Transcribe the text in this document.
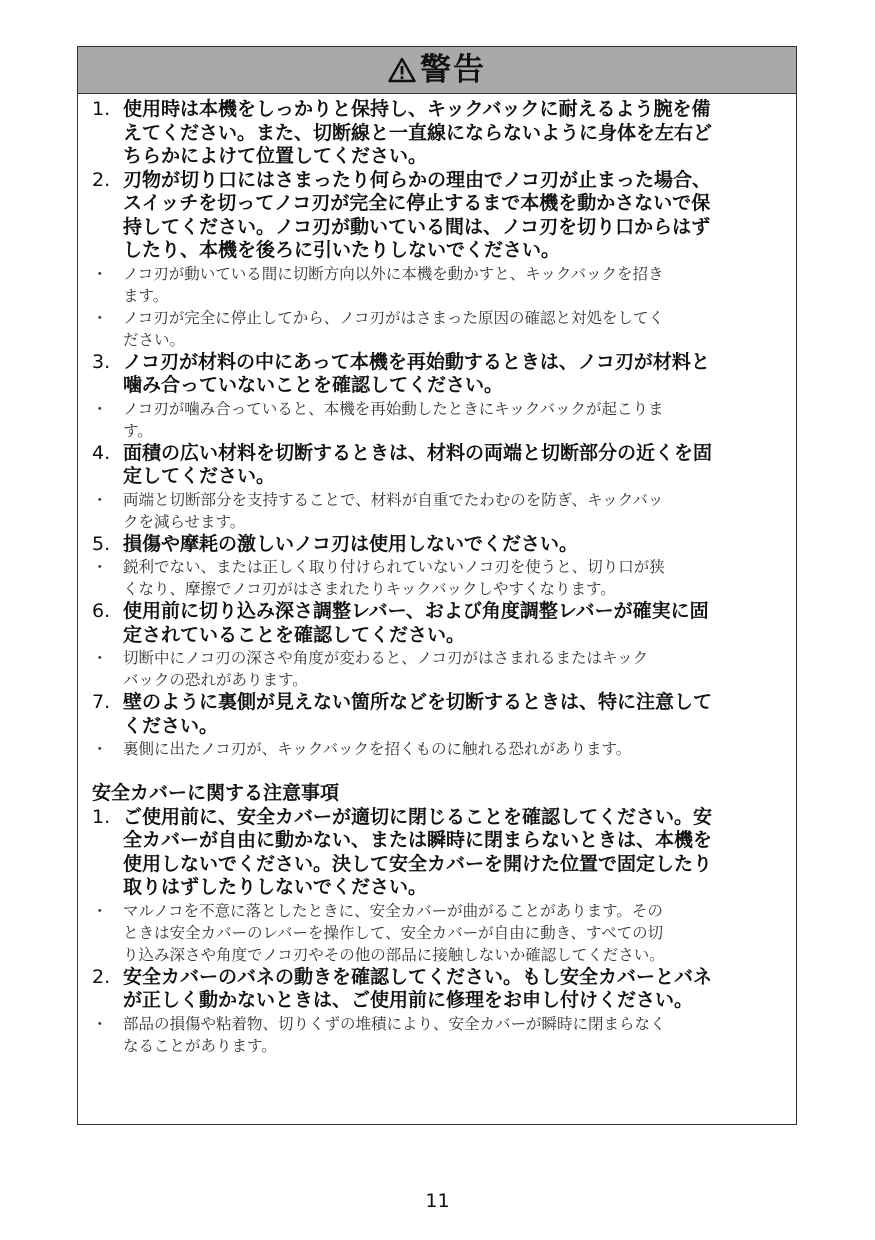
警告
1. 使用時は本機をしっかりと保持し、キックバックに耐えるよう腕を備
えてください。また、切断線と一直線にならないように身体を左右ど
ちらかによけて位置してください。
2. 刃物が切り口にはさまったり何らかの理由でノコ刃が止まった場合、
スイッチを切ってノコ刃が完全に停止するまで本機を動かさないで保
持してください。ノコ刃が動いている間は、ノコ刃を切り口からはず
したり、本機を後ろに引いたりしないでください。
・ ノコ刃が動いている間に切断方向以外に本機を動かすと、キックバックを招き
ます。
・ ノコ刃が完全に停止してから、ノコ刃がはさまった原因の確認と対処をしてく
ださい。
3. ノコ刃が材料の中にあって本機を再始動するときは、ノコ刃が材料と
噛み合っていないことを確認してください。
・ ノコ刃が噛み合っていると、本機を再始動したときにキックバックが起こりま
す。
4. 面積の広い材料を切断するときは、材料の両端と切断部分の近くを固
定してください。
・ 両端と切断部分を支持することで、材料が自重でたわむのを防ぎ、キックバッ
クを減らせます。
5. 損傷や摩耗の激しいノコ刃は使用しないでください。
・ 鋭利でない、または正しく取り付けられていないノコ刃を使うと、切り口が狭
くなり、摩擦でノコ刃がはさまれたりキックバックしやすくなります。
6. 使用前に切り込み深さ調整レバー、および角度調整レバーが確実に固
定されていることを確認してください。
・ 切断中にノコ刃の深さや角度が変わると、ノコ刃がはさまれるまたはキック
バックの恐れがあります。
7. 壁のように裏側が見えない箇所などを切断するときは、特に注意して
ください。
・ 裏側に出たノコ刃が、キックバックを招くものに触れる恐れがあります。
安全カバーに関する注意事項
1. ご使用前に、安全カバーが適切に閉じることを確認してください。安
全カバーが自由に動かない、または瞬時に閉まらないときは、本機を
使用しないでください。決して安全カバーを開けた位置で固定したり
取りはずしたりしないでください。
・ マルノコを不意に落としたときに、安全カバーが曲がることがあります。その
ときは安全カバーのレバーを操作して、安全カバーが自由に動き、すべての切
り込み深さや角度でノコ刃やその他の部品に接触しないか確認してください。
2. 安全カバーのバネの動きを確認してください。もし安全カバーとバネ
が正しく動かないときは、ご使用前に修理をお申し付けください。
・ 部品の損傷や粘着物、切りくずの堆積により、安全カバーが瞬時に閉まらなく
なることがあります。
11
